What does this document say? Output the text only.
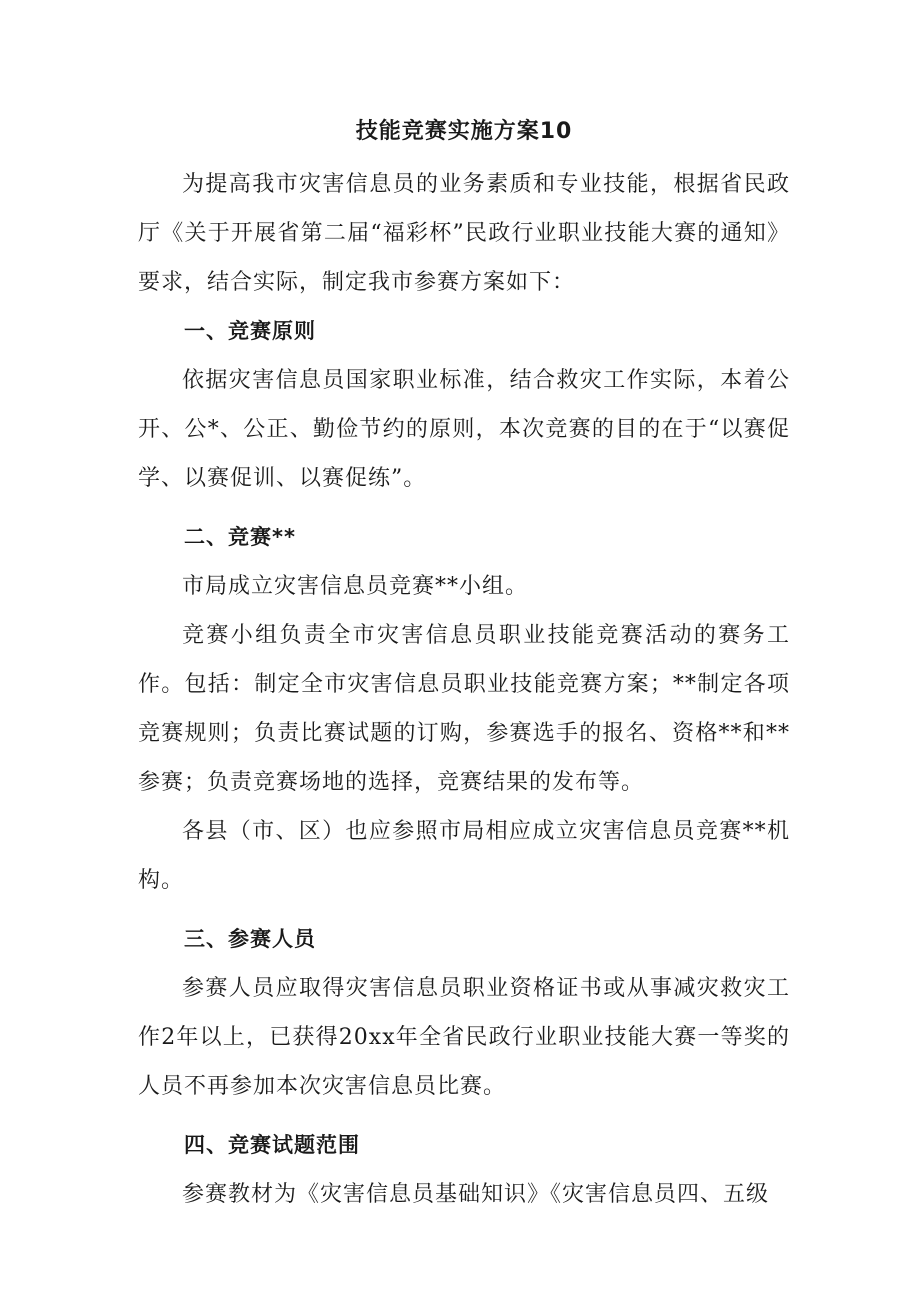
技能竞赛实施方案10

为提高我市灾害信息员的业务素质和专业技能，根据省民政厅《关于开展省第二届“福彩杯”民政行业职业技能大赛的通知》要求，结合实际，制定我市参赛方案如下：

一、竞赛原则

依据灾害信息员国家职业标准，结合救灾工作实际，本着公开、公*、公正、勤俭节约的原则，本次竞赛的目的在于“以赛促学、以赛促训、以赛促练”。

二、竞赛**

市局成立灾害信息员竞赛**小组。

竞赛小组负责全市灾害信息员职业技能竞赛活动的赛务工作。包括：制定全市灾害信息员职业技能竞赛方案；**制定各项竞赛规则；负责比赛试题的订购，参赛选手的报名、资格**和**参赛；负责竞赛场地的选择，竞赛结果的发布等。

各县（市、区）也应参照市局相应成立灾害信息员竞赛**机构。

三、参赛人员

参赛人员应取得灾害信息员职业资格证书或从事减灾救灾工作2年以上，已获得20xx年全省民政行业职业技能大赛一等奖的人员不再参加本次灾害信息员比赛。

四、竞赛试题范围

参赛教材为《灾害信息员基础知识》《灾害信息员四、五级
